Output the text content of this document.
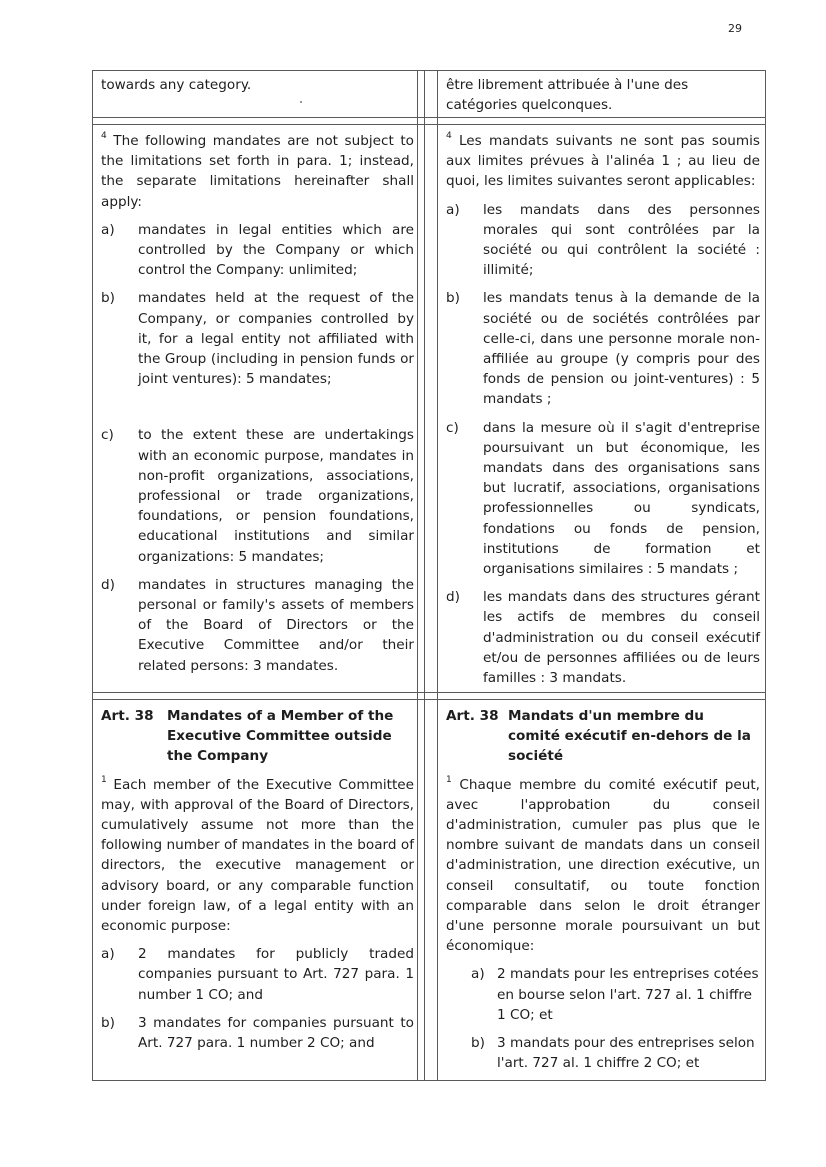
29

towards any category.	être librement attribuée à l'une des catégories quelconques.

$^4$ The following mandates are not subject to the limitations set forth in para. 1; instead, the separate limitations hereinafter shall apply:

a) mandates in legal entities which are controlled by the Company or which control the Company: unlimited;
b) mandates held at the request of the Company, or companies controlled by it, for a legal entity not affiliated with the Group (including in pension funds or joint ventures): 5 mandates;
c) to the extent these are undertakings with an economic purpose, mandates in non-profit organizations, associations, professional or trade organizations, foundations, or pension foundations, educational institutions and similar organizations: 5 mandates;
d) mandates in structures managing the personal or family's assets of members of the Board of Directors or the Executive Committee and/or their related persons: 3 mandates.

$^4$ Les mandats suivants ne sont pas soumis aux limites prévues à l'alinéa 1 ; au lieu de quoi, les limites suivantes seront applicables:

a) les mandats dans des personnes morales qui sont contrôlées par la société ou qui contrôlent la société : illimité;
b) les mandats tenus à la demande de la société ou de sociétés contrôlées par celle-ci, dans une personne morale non-affiliée au groupe (y compris pour des fonds de pension ou joint-ventures) : 5 mandats ;
c) dans la mesure où il s'agit d'entreprise poursuivant un but économique, les mandats dans des organisations sans but lucratif, associations, organisations professionnelles ou syndicats, fondations ou fonds de pension, institutions de formation et organisations similaires : 5 mandats ;
d) les mandats dans des structures gérant les actifs de membres du conseil d'administration ou du conseil exécutif et/ou de personnes affiliées ou de leurs familles : 3 mandats.
Art. 38 Mandates of a Member of the Executive Committee outside the Company

$^1$ Each member of the Executive Committee may, with approval of the Board of Directors, cumulatively assume not more than the following number of mandates in the board of directors, the executive management or advisory board, or any comparable function under foreign law, of a legal entity with an economic purpose:

a) 2 mandates for publicly traded companies pursuant to Art. 727 para. 1 number 1 CO; and
b) 3 mandates for companies pursuant to Art. 727 para. 1 number 2 CO; and
Art. 38 Mandats d'un membre du comité exécutif en-dehors de la société

$^1$ Chaque membre du comité exécutif peut, avec l'approbation du conseil d'administration, cumuler pas plus que le nombre suivant de mandats dans un conseil d'administration, une direction exécutive, un conseil consultatif, ou toute fonction comparable dans selon le droit étranger d'une personne morale poursuivant un but économique:

a) 2 mandats pour les entreprises cotées en bourse selon l'art. 727 al. 1 chiffre 1 CO; et
b) 3 mandats pour des entreprises selon l'art. 727 al. 1 chiffre 2 CO; et
